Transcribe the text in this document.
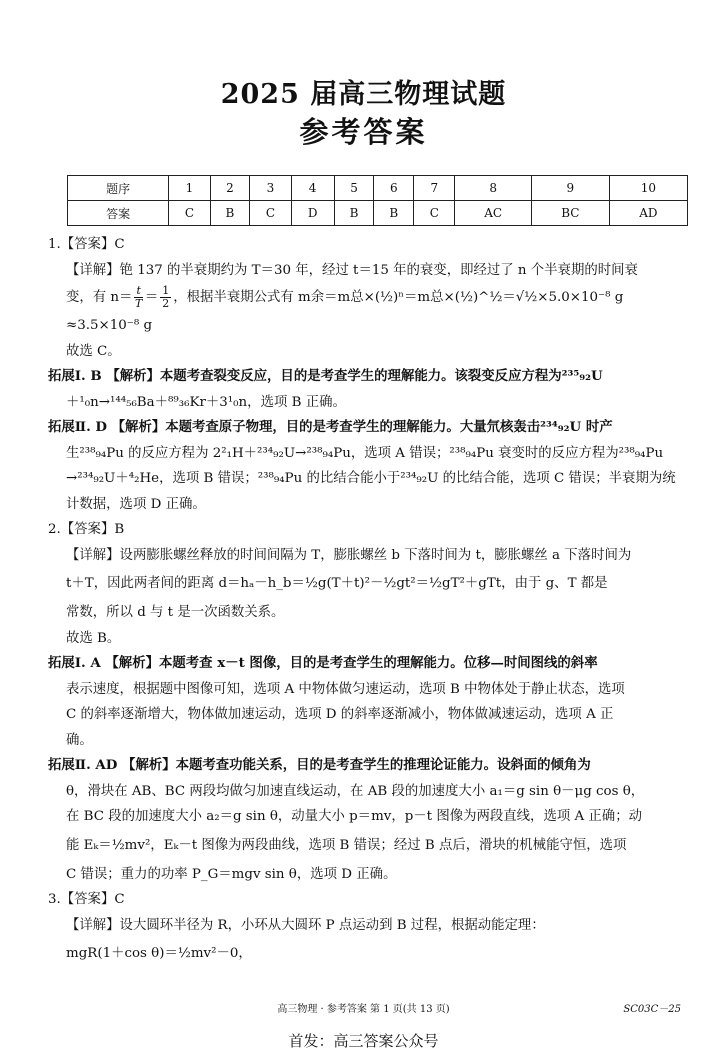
2025 届高三物理试题
参考答案
题序	1	2	3	4	5	6	7	8	9	10
答案	C	B	C	D	B	B	C	AC	BC	AD

1.【答案】C

【详解】铯 137 的半衰期约为 T＝30 年，经过 t＝15 年的衰变，即经过了 n 个半衰期的时间衰

变，有 $n= \frac{t}{T} = \frac{1}{2}$ ，根据半衰期公式有 m余＝m总×(½)ⁿ＝m总×(½)^½＝√½×5.0×10⁻⁸ g

≈3.5×10⁻⁸ g

故选 C。

拓展Ⅰ. B 【解析】本题考查裂变反应，目的是考查学生的理解能力。该裂变反应方程为²³⁵₉₂U

＋¹₀n→¹⁴⁴₅₆Ba＋⁸⁹₃₆Kr＋3¹₀n，选项 B 正确。

拓展Ⅱ. D 【解析】本题考查原子物理，目的是考查学生的理解能力。大量氘核轰击²³⁴₉₂U 时产

生²³⁸₉₄Pu 的反应方程为 2²₁H＋²³⁴₉₂U→²³⁸₉₄Pu，选项 A 错误；²³⁸₉₄Pu 衰变时的反应方程为²³⁸₉₄Pu

→²³⁴₉₂U＋⁴₂He，选项 B 错误；²³⁸₉₄Pu 的比结合能小于²³⁴₉₂U 的比结合能，选项 C 错误；半衰期为统

计数据，选项 D 正确。

2.【答案】B

【详解】设两膨胀螺丝释放的时间间隔为 T，膨胀螺丝 b 下落时间为 t，膨胀螺丝 a 下落时间为

t＋T，因此两者间的距离 d＝hₐ－h_b＝½g(T＋t)²－½gt²＝½gT²＋gTt，由于 g、T 都是

常数，所以 d 与 t 是一次函数关系。

故选 B。

拓展Ⅰ. A 【解析】本题考查 x－t 图像，目的是考查学生的理解能力。位移—时间图线的斜率

表示速度，根据题中图像可知，选项 A 中物体做匀速运动，选项 B 中物体处于静止状态，选项

C 的斜率逐渐增大，物体做加速运动，选项 D 的斜率逐渐减小，物体做减速运动，选项 A 正

确。

拓展Ⅱ. AD 【解析】本题考查功能关系，目的是考查学生的推理论证能力。设斜面的倾角为

θ，滑块在 AB、BC 两段均做匀加速直线运动，在 AB 段的加速度大小 a₁＝g sin θ－μg cos θ，

在 BC 段的加速度大小 a₂＝g sin θ，动量大小 p＝mv，p－t 图像为两段直线，选项 A 正确；动

能 Eₖ＝½mv²，Eₖ－t 图像为两段曲线，选项 B 错误；经过 B 点后，滑块的机械能守恒，选项

C 错误；重力的功率 P_G＝mgv sin θ，选项 D 正确。

3.【答案】C

【详解】设大圆环半径为 R，小环从大圆环 P 点运动到 B 过程，根据动能定理：

mgR(1＋cos θ)＝½mv²－0，

高三物理 · 参考答案 第 1 页(共 13 页)	SC03C－25
首发：高三答案公众号
